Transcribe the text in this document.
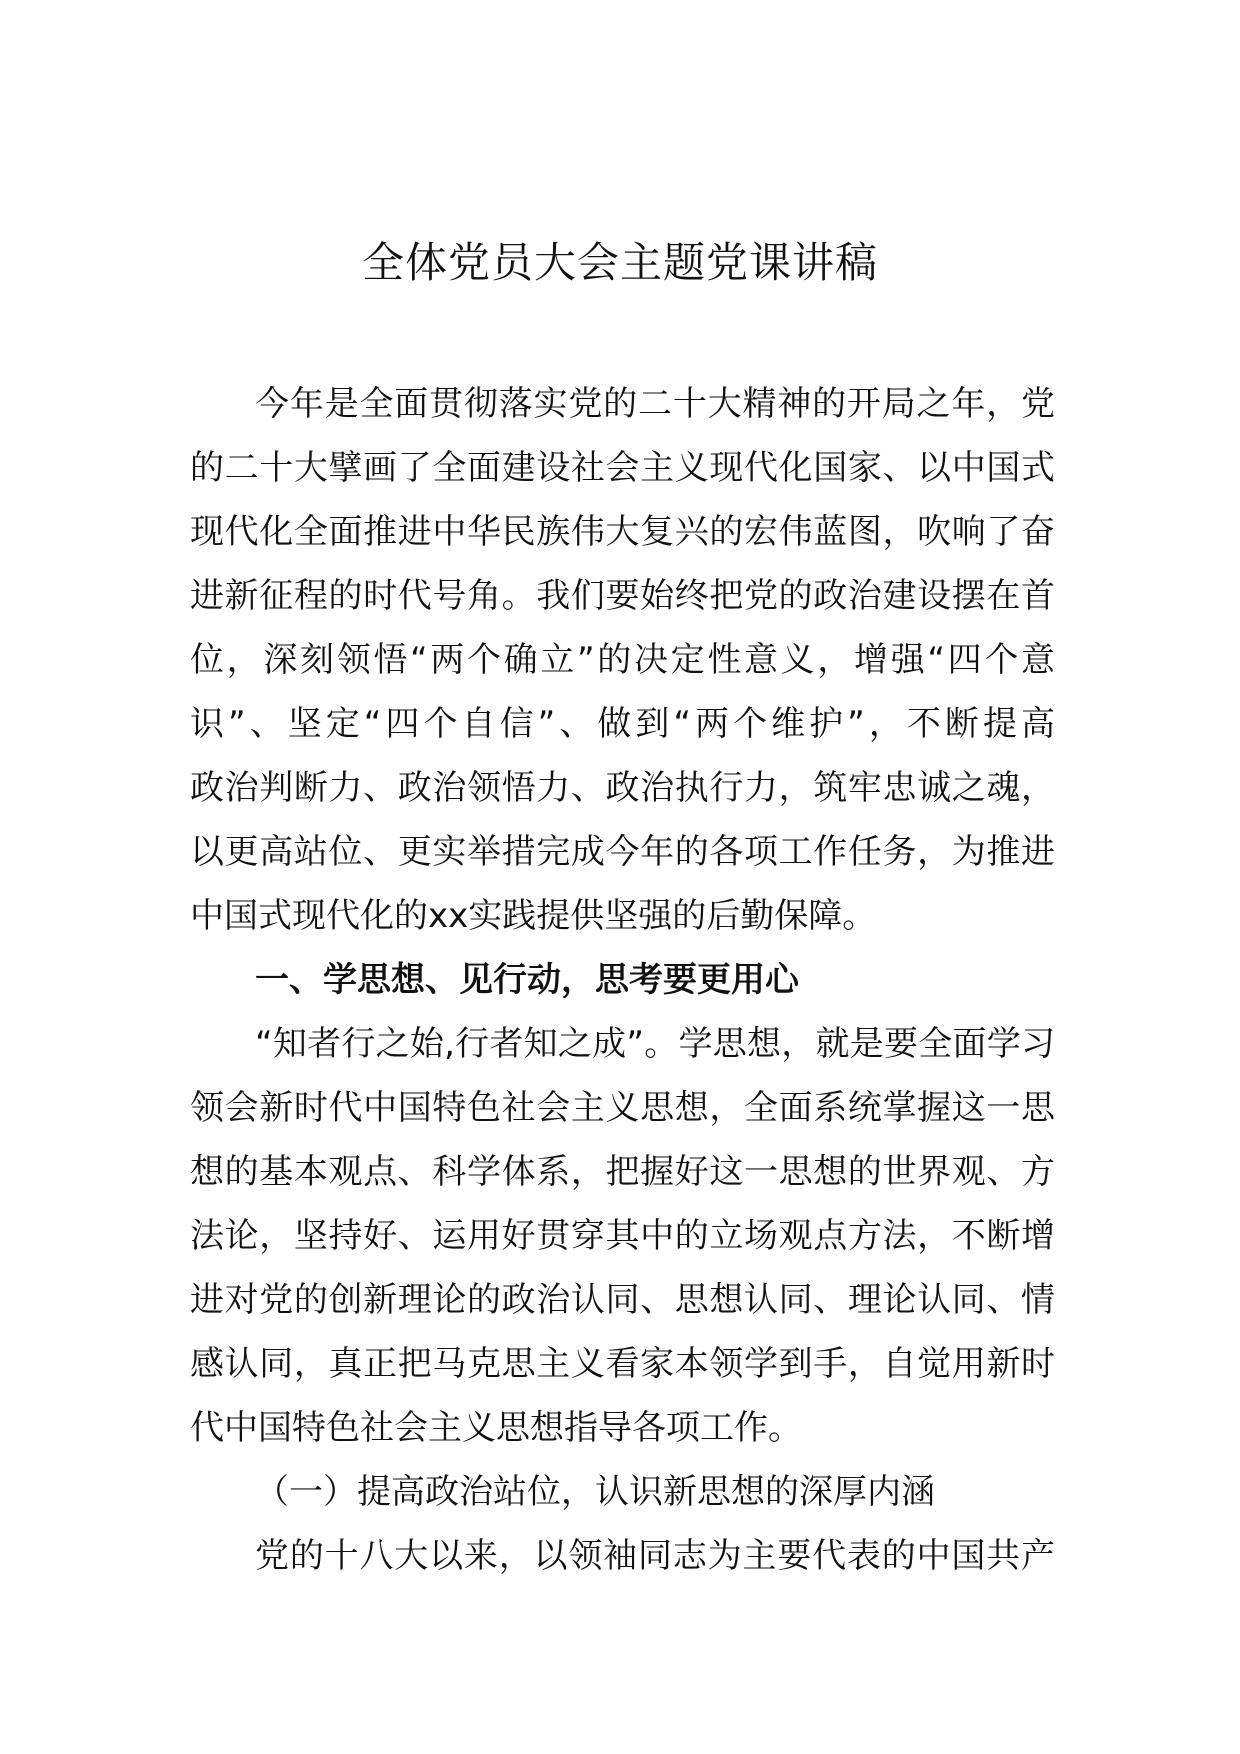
全体党员大会主题党课讲稿

今年是全面贯彻落实党的二十大精神的开局之年，党

的二十大擘画了全面建设社会主义现代化国家、以中国式

现代化全面推进中华民族伟大复兴的宏伟蓝图，吹响了奋

进新征程的时代号角。我们要始终把党的政治建设摆在首

位，深刻领悟“两个确立”的决定性意义，增强“四个意

识”、坚定“四个自信”、做到“两个维护”，不断提高

政治判断力、政治领悟力、政治执行力，筑牢忠诚之魂，

以更高站位、更实举措完成今年的各项工作任务，为推进

中国式现代化的xx实践提供坚强的后勤保障。

一、学思想、见行动，思考要更用心

“知者行之始,行者知之成”。学思想，就是要全面学习

领会新时代中国特色社会主义思想，全面系统掌握这一思

想的基本观点、科学体系，把握好这一思想的世界观、方

法论，坚持好、运用好贯穿其中的立场观点方法，不断增

进对党的创新理论的政治认同、思想认同、理论认同、情

感认同，真正把马克思主义看家本领学到手，自觉用新时

代中国特色社会主义思想指导各项工作。

（一）提高政治站位，认识新思想的深厚内涵

党的十八大以来，以领袖同志为主要代表的中国共产
